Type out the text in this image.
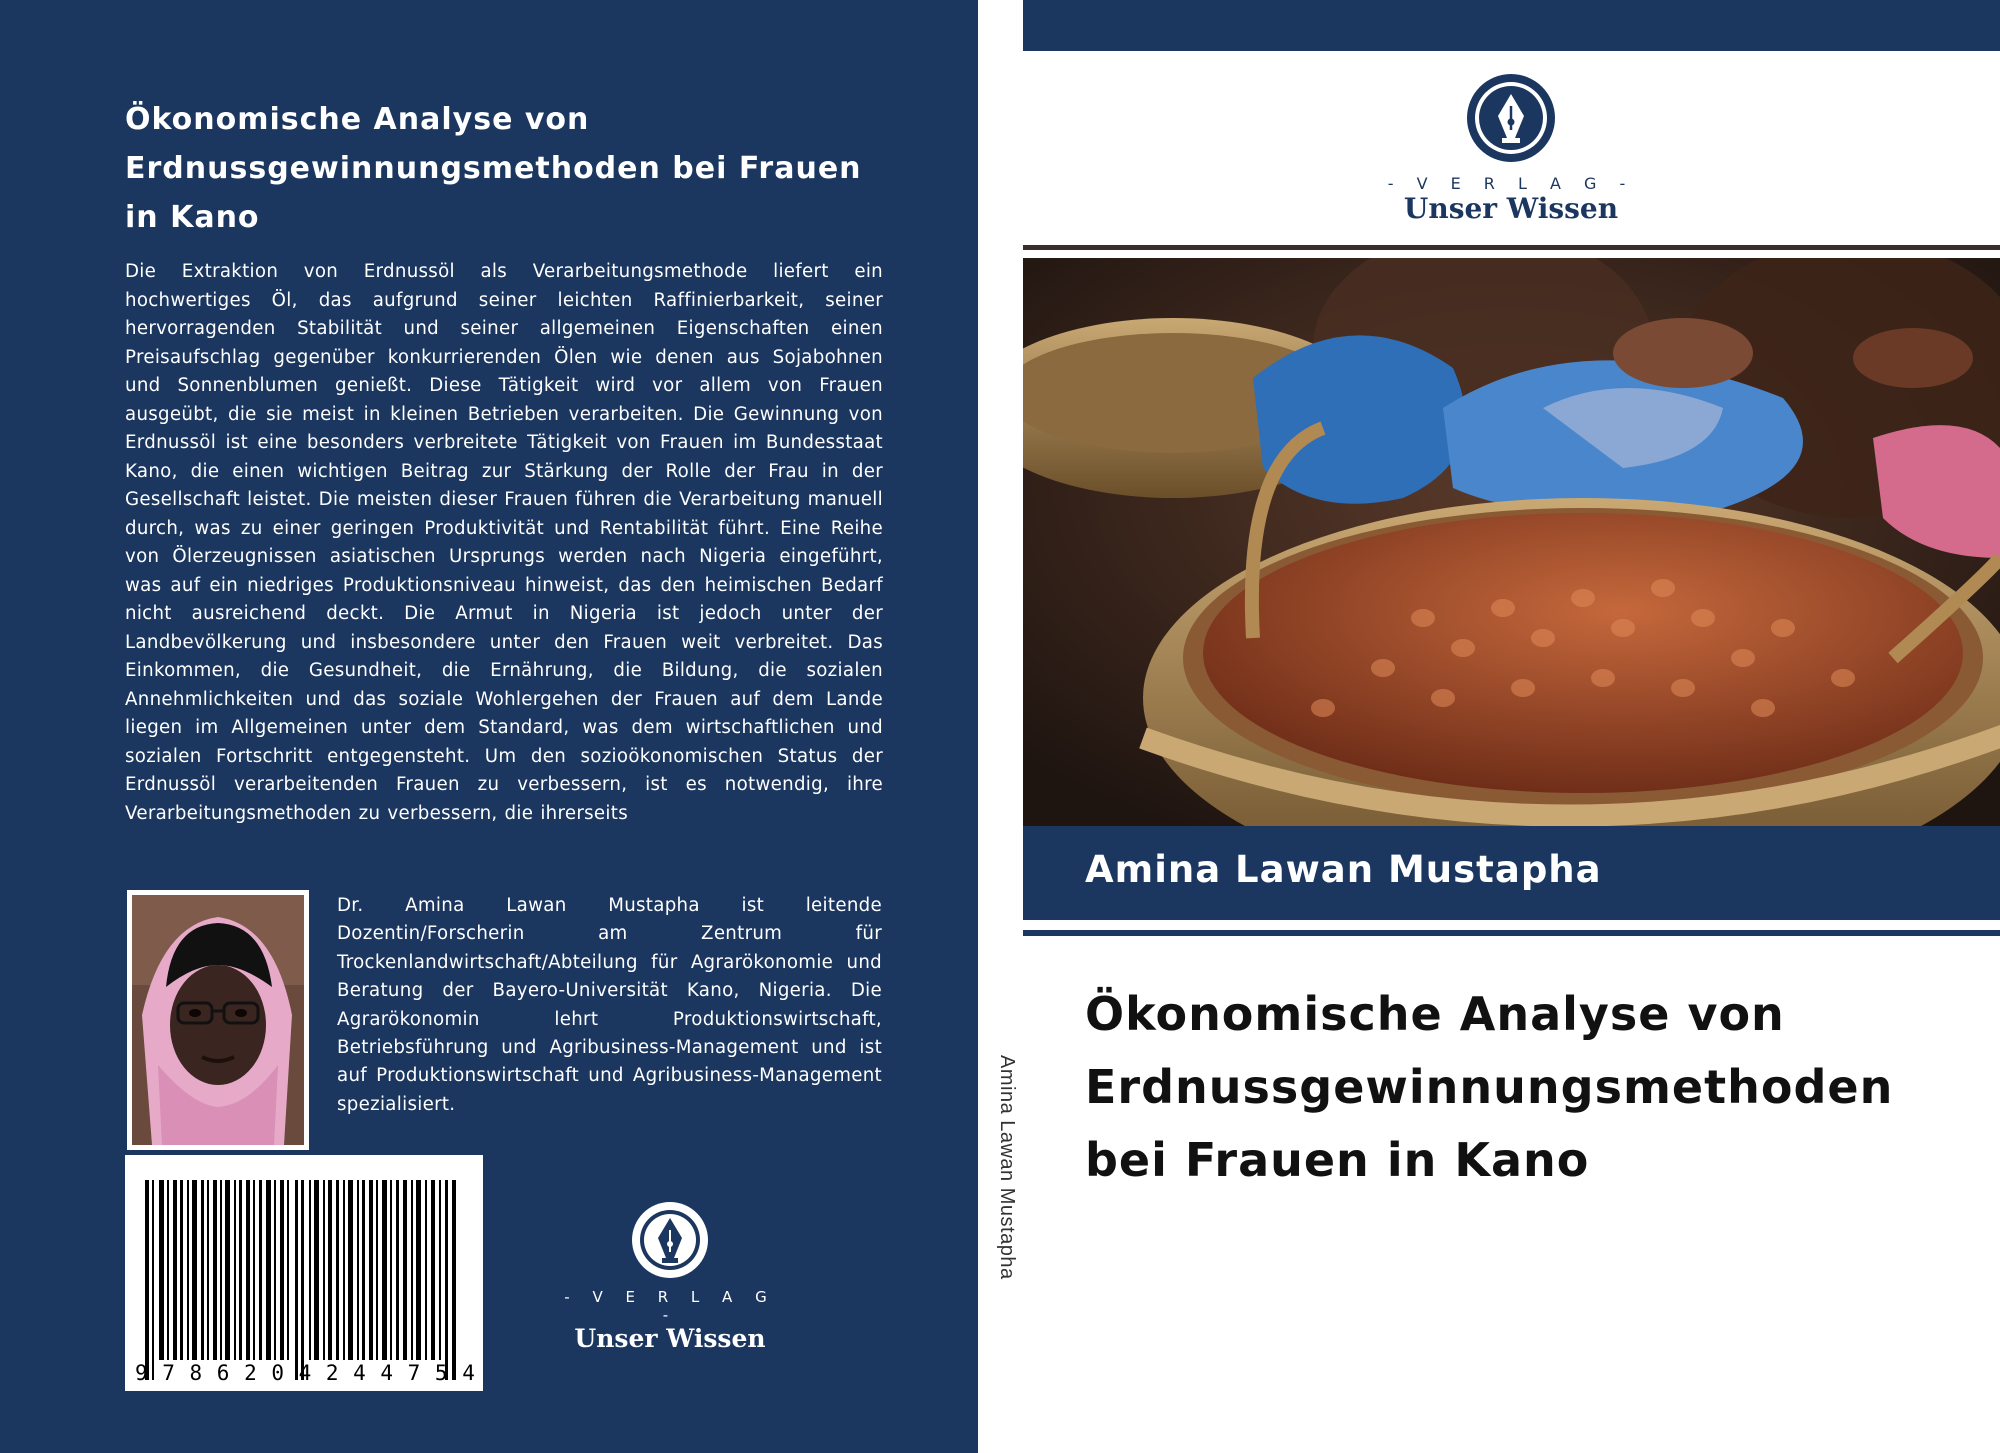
Ökonomische Analyse von Erdnussgewinnungsmethoden bei Frauen in Kano

Die Extraktion von Erdnussöl als Verarbeitungsmethode liefert ein hochwertiges Öl, das aufgrund seiner leichten Raffinierbarkeit, seiner hervorragenden Stabilität und seiner allgemeinen Eigenschaften einen Preisaufschlag gegenüber konkurrierenden Ölen wie denen aus Sojabohnen und Sonnenblumen genießt. Diese Tätigkeit wird vor allem von Frauen ausgeübt, die sie meist in kleinen Betrieben verarbeiten. Die Gewinnung von Erdnussöl ist eine besonders verbreitete Tätigkeit von Frauen im Bundesstaat Kano, die einen wichtigen Beitrag zur Stärkung der Rolle der Frau in der Gesellschaft leistet. Die meisten dieser Frauen führen die Verarbeitung manuell durch, was zu einer geringen Produktivität und Rentabilität führt. Eine Reihe von Ölerzeugnissen asiatischen Ursprungs werden nach Nigeria eingeführt, was auf ein niedriges Produktionsniveau hinweist, das den heimischen Bedarf nicht ausreichend deckt. Die Armut in Nigeria ist jedoch unter der Landbevölkerung und insbesondere unter den Frauen weit verbreitet. Das Einkommen, die Gesundheit, die Ernährung, die Bildung, die sozialen Annehmlichkeiten und das soziale Wohlergehen der Frauen auf dem Lande liegen im Allgemeinen unter dem Standard, was dem wirtschaftlichen und sozialen Fortschritt entgegensteht. Um den sozioökonomischen Status der Erdnussöl verarbeitenden Frauen zu verbessern, ist es notwendig, ihre Verarbeitungsmethoden zu verbessern, die ihrerseits

Dr. Amina Lawan Mustapha ist leitende Dozentin/Forscherin am Zentrum für Trockenlandwirtschaft/Abteilung für Agrarökonomie und Beratung der Bayero-Universität Kano, Nigeria. Die Agrarökonomin lehrt Produktionswirtschaft, Betriebsführung und Agribusiness-Management und ist auf Produktionswirtschaft und Agribusiness-Management spezialisiert.

9 7 8 6 2 0 4 2 4 4 7 5 4

- V E R L A G -

Unser Wissen

Amina Lawan Mustapha

- V E R L A G -

Unser Wissen

Amina Lawan Mustapha

Ökonomische Analyse von Erdnussgewinnungsmethoden bei Frauen in Kano
